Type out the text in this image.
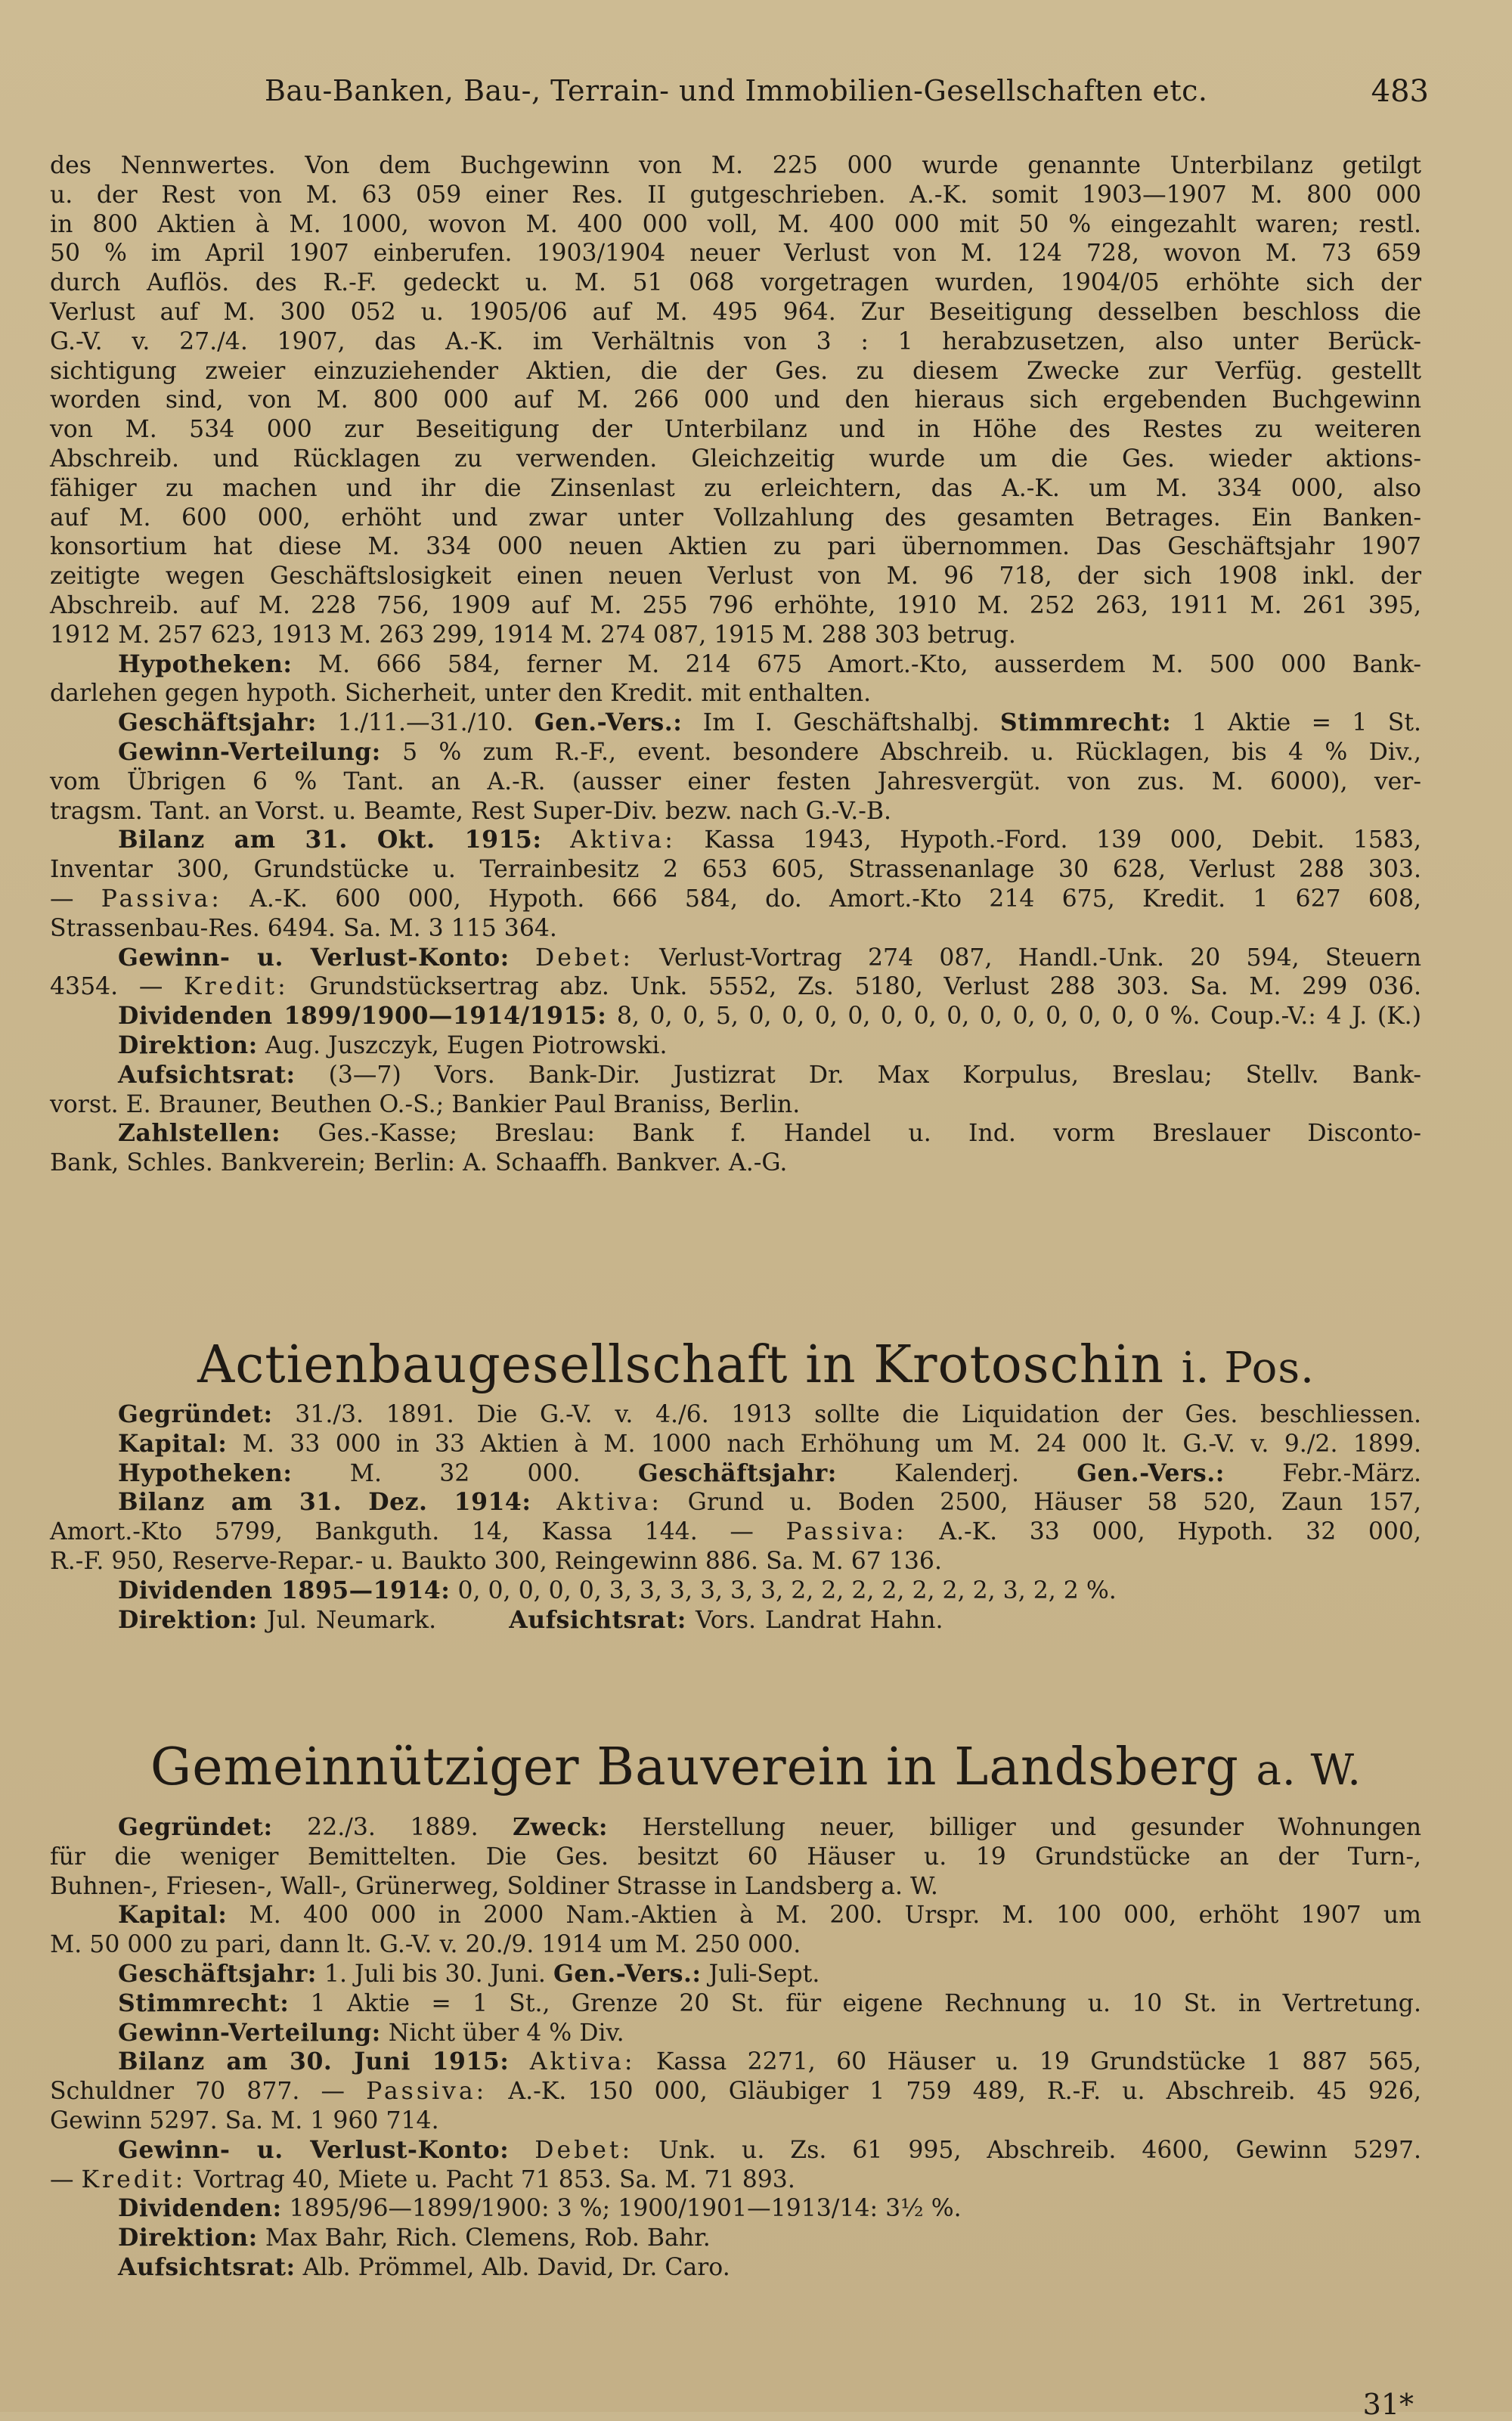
Bau-Banken, Bau-, Terrain- und Immobilien-Gesellschaften etc.	483

des Nennwertes. Von dem Buchgewinn von M. 225 000 wurde genannte Unterbilanz getilgt

u. der Rest von M. 63 059 einer Res. II gutgeschrieben. A.-K. somit 1903—1907 M. 800 000

in 800 Aktien à M. 1000, wovon M. 400 000 voll, M. 400 000 mit 50 % eingezahlt waren; restl.

50 % im April 1907 einberufen. 1903/1904 neuer Verlust von M. 124 728, wovon M. 73 659

durch Auflös. des R.-F. gedeckt u. M. 51 068 vorgetragen wurden, 1904/05 erhöhte sich der

Verlust auf M. 300 052 u. 1905/06 auf M. 495 964. Zur Beseitigung desselben beschloss die

G.-V. v. 27./4. 1907, das A.-K. im Verhältnis von 3 : 1 herabzusetzen, also unter Berück-

sichtigung zweier einzuziehender Aktien, die der Ges. zu diesem Zwecke zur Verfüg. gestellt

worden sind, von M. 800 000 auf M. 266 000 und den hieraus sich ergebenden Buchgewinn

von M. 534 000 zur Beseitigung der Unterbilanz und in Höhe des Restes zu weiteren

Abschreib. und Rücklagen zu verwenden. Gleichzeitig wurde um die Ges. wieder aktions-

fähiger zu machen und ihr die Zinsenlast zu erleichtern, das A.-K. um M. 334 000, also

auf M. 600 000, erhöht und zwar unter Vollzahlung des gesamten Betrages. Ein Banken-

konsortium hat diese M. 334 000 neuen Aktien zu pari übernommen. Das Geschäftsjahr 1907

zeitigte wegen Geschäftslosigkeit einen neuen Verlust von M. 96 718, der sich 1908 inkl. der

Abschreib. auf M. 228 756, 1909 auf M. 255 796 erhöhte, 1910 M. 252 263, 1911 M. 261 395,

1912 M. 257 623, 1913 M. 263 299, 1914 M. 274 087, 1915 M. 288 303 betrug.

Hypotheken: M. 666 584, ferner M. 214 675 Amort.-Kto, ausserdem M. 500 000 Bank-

darlehen gegen hypoth. Sicherheit, unter den Kredit. mit enthalten.

Geschäftsjahr: 1./11.—31./10. Gen.-Vers.: Im I. Geschäftshalbj. Stimmrecht: 1 Aktie = 1 St.

Gewinn-Verteilung: 5 % zum R.-F., event. besondere Abschreib. u. Rücklagen, bis 4 % Div.,

vom Übrigen 6 % Tant. an A.-R. (ausser einer festen Jahresvergüt. von zus. M. 6000), ver-

tragsm. Tant. an Vorst. u. Beamte, Rest Super-Div. bezw. nach G.-V.-B.

Bilanz am 31. Okt. 1915: Aktiva: Kassa 1943, Hypoth.-Ford. 139 000, Debit. 1583,

Inventar 300, Grundstücke u. Terrainbesitz 2 653 605, Strassenanlage 30 628, Verlust 288 303.

— Passiva: A.-K. 600 000, Hypoth. 666 584, do. Amort.-Kto 214 675, Kredit. 1 627 608,

Strassenbau-Res. 6494. Sa. M. 3 115 364.

Gewinn- u. Verlust-Konto: Debet: Verlust-Vortrag 274 087, Handl.-Unk. 20 594, Steuern

4354. — Kredit: Grundstücksertrag abz. Unk. 5552, Zs. 5180, Verlust 288 303. Sa. M. 299 036.

Dividenden 1899/1900—1914/1915: 8, 0, 0, 5, 0, 0, 0, 0, 0, 0, 0, 0, 0, 0, 0, 0, 0 %. Coup.-V.: 4 J. (K.)

Direktion: Aug. Juszczyk, Eugen Piotrowski.

Aufsichtsrat: (3—7) Vors. Bank-Dir. Justizrat Dr. Max Korpulus, Breslau; Stellv. Bank-

vorst. E. Brauner, Beuthen O.-S.; Bankier Paul Braniss, Berlin.

Zahlstellen: Ges.-Kasse; Breslau: Bank f. Handel u. Ind. vorm Breslauer Disconto-

Bank, Schles. Bankverein; Berlin: A. Schaaffh. Bankver. A.-G.

Actienbaugesellschaft in Krotoschin i. Pos.

Gegründet: 31./3. 1891. Die G.-V. v. 4./6. 1913 sollte die Liquidation der Ges. beschliessen.

Kapital: M. 33 000 in 33 Aktien à M. 1000 nach Erhöhung um M. 24 000 lt. G.-V. v. 9./2. 1899.

Hypotheken: M. 32 000. Geschäftsjahr: Kalenderj. Gen.-Vers.: Febr.-März.

Bilanz am 31. Dez. 1914: Aktiva: Grund u. Boden 2500, Häuser 58 520, Zaun 157,

Amort.-Kto 5799, Bankguth. 14, Kassa 144. — Passiva: A.-K. 33 000, Hypoth. 32 000,

R.-F. 950, Reserve-Repar.- u. Baukto 300, Reingewinn 886. Sa. M. 67 136.

Dividenden 1895—1914: 0, 0, 0, 0, 0, 3, 3, 3, 3, 3, 3, 2, 2, 2, 2, 2, 2, 2, 3, 2, 2 %.

Direktion: Jul. Neumark.	Aufsichtsrat: Vors. Landrat Hahn.

Gemeinnütziger Bauverein in Landsberg a. W.

Gegründet: 22./3. 1889. Zweck: Herstellung neuer, billiger und gesunder Wohnungen

für die weniger Bemittelten. Die Ges. besitzt 60 Häuser u. 19 Grundstücke an der Turn-,

Buhnen-, Friesen-, Wall-, Grünerweg, Soldiner Strasse in Landsberg a. W.

Kapital: M. 400 000 in 2000 Nam.-Aktien à M. 200. Urspr. M. 100 000, erhöht 1907 um

M. 50 000 zu pari, dann lt. G.-V. v. 20./9. 1914 um M. 250 000.

Geschäftsjahr: 1. Juli bis 30. Juni. Gen.-Vers.: Juli-Sept.

Stimmrecht: 1 Aktie = 1 St., Grenze 20 St. für eigene Rechnung u. 10 St. in Vertretung.

Gewinn-Verteilung: Nicht über 4 % Div.

Bilanz am 30. Juni 1915: Aktiva: Kassa 2271, 60 Häuser u. 19 Grundstücke 1 887 565,

Schuldner 70 877. — Passiva: A.-K. 150 000, Gläubiger 1 759 489, R.-F. u. Abschreib. 45 926,

Gewinn 5297. Sa. M. 1 960 714.

Gewinn- u. Verlust-Konto: Debet: Unk. u. Zs. 61 995, Abschreib. 4600, Gewinn 5297.

— Kredit: Vortrag 40, Miete u. Pacht 71 853. Sa. M. 71 893.

Dividenden: 1895/96—1899/1900: 3 %; 1900/1901—1913/14: 3½ %.

Direktion: Max Bahr, Rich. Clemens, Rob. Bahr.

Aufsichtsrat: Alb. Prömmel, Alb. David, Dr. Caro.

31*
